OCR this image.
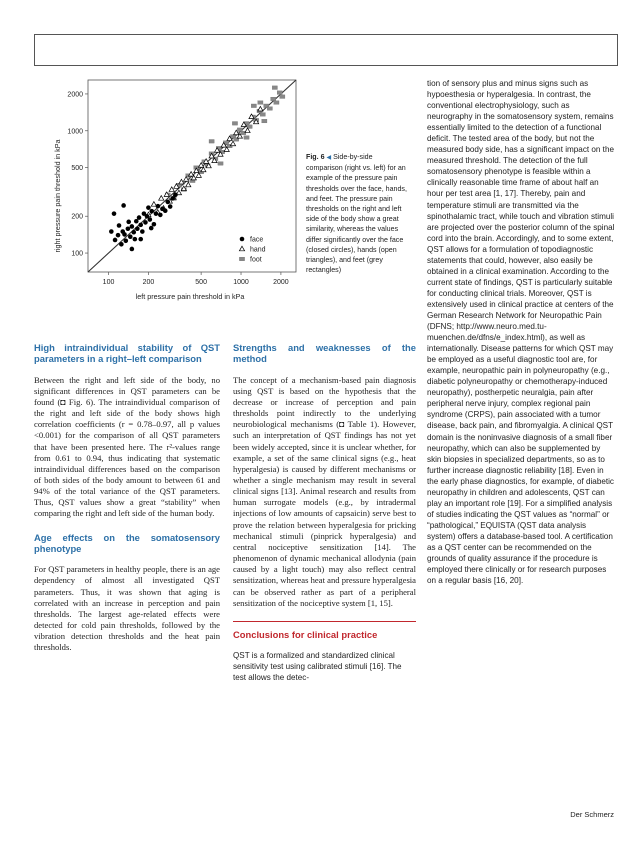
right pressure pain threshold in kPa
left pressure pain threshold in kPa
100	200	500	1000	2000
100
200
500
1000
2000
face
hand
foot
Fig. 6 ◀ Side-by-side comparison (right vs. left) for an example of the pressure pain thresholds over the face, hands, and feet. The pressure pain thresholds on the right and left side of the body show a great similarity, whereas the values differ significantly over the face (closed circles), hands (open triangles), and feet (grey rectangles)
High intraindividual stability of QST parameters in a right–left comparison

Between the right and left side of the body, no significant differences in QST parameters can be found (◘ Fig. 6). The intraindividual comparison of the right and left side of the body shows high correlation coefficients (r = 0.78–0.97, all p values <0.001) for the comparison of all QST parameters that have been presented here. The r²-values range from 0.61 to 0.94, thus indicating that systematic intraindividual differences based on the comparison of both sides of the body amount to between 61 and 94% of the total variance of the QST parameters. Thus, QST values show a great “stability” when comparing the right and left side of the human body.

Age effects on the somatosensory phenotype

For QST parameters in healthy people, there is an age dependency of almost all investigated QST parameters. Thus, it was shown that aging is correlated with an increase in perception and pain thresholds. The largest age-related effects were detected for cold pain thresholds, followed by the vibration detection thresholds and the heat pain thresholds.

Strengths and weaknesses of the method

The concept of a mechanism-based pain diagnosis using QST is based on the hypothesis that the decrease or increase of perception and pain thresholds point indirectly to the underlying neurobiological mechanisms (◘ Table 1). However, such an interpretation of QST findings has not yet been widely accepted, since it is unclear whether, for example, a set of the same clinical signs (e.g., heat hyperalgesia) is caused by different mechanisms or whether a single mechanism may result in several clinical signs [13]. Animal research and results from human surrogate models (e.g., by intradermal injections of low amounts of capsaicin) serve best to prove the relation between hyperalgesia for pricking mechanical stimuli (pinprick hyperalgesia) and central nociceptive sensitization [14]. The phenomenon of dynamic mechanical allodynia (pain caused by a light touch) may also reflect central sensitization, whereas heat and pressure hyperalgesia can be observed rather as part of a peripheral sensitization of the nociceptive system [1, 15].

Conclusions for clinical practice

QST is a formalized and standardized clinical sensitivity test using calibrated stimuli [16]. The test allows the detec-

tion of sensory plus and minus signs such as hypoesthesia or hyperalgesia. In contrast, the conventional electrophysiology, such as neurography in the somatosensory system, remains essentially limited to the detection of a functional deficit. The tested area of the body, but not the measured body side, has a significant impact on the measured threshold. The detection of the full somatosensory phenotype is feasible within a clinically reasonable time frame of about half an hour per test area [1, 17]. Thereby, pain and temperature stimuli are transmitted via the spinothalamic tract, while touch and vibration stimuli are projected over the posterior column of the spinal cord into the brain. Accordingly, and to some extent, QST allows for a formulation of topodiagnostic statements that could, however, also easily be obtained in a clinical examination. According to the current state of findings, QST is particularly suitable for conducting clinical trials. Moreover, QST is extensively used in clinical practice at centers of the German Research Network for Neuropathic Pain (DFNS; http://www.neuro.med.tu-muenchen.de/dfns/e_index.html), as well as internationally. Disease patterns for which QST may be employed as a useful diagnostic tool are, for example, neuropathic pain in polyneuropathy (e.g., diabetic polyneuropathy or chemotherapy-induced neuropathy), postherpetic neuralgia, pain after peripheral nerve injury, complex regional pain syndrome (CRPS), pain associated with a tumor disease, back pain, and fibromyalgia. A clinical QST domain is the noninvasive diagnosis of a small fiber neuropathy, which can also be supplemented by skin biopsies in specialized departments, so as to further increase diagnostic reliability [18]. Even in the early phase diagnostics, for example, of diabetic neuropathy in children and adolescents, QST can play an important role [19]. For a simplified analysis of studies indicating the QST values as “normal” or “pathological,” EQUISTA (QST data analysis system) offers a database-based tool. A certification as a QST center can be recommended on the grounds of quality assurance if the procedure is employed there clinically or for research purposes on a regular basis [16, 20].

Der Schmerz
